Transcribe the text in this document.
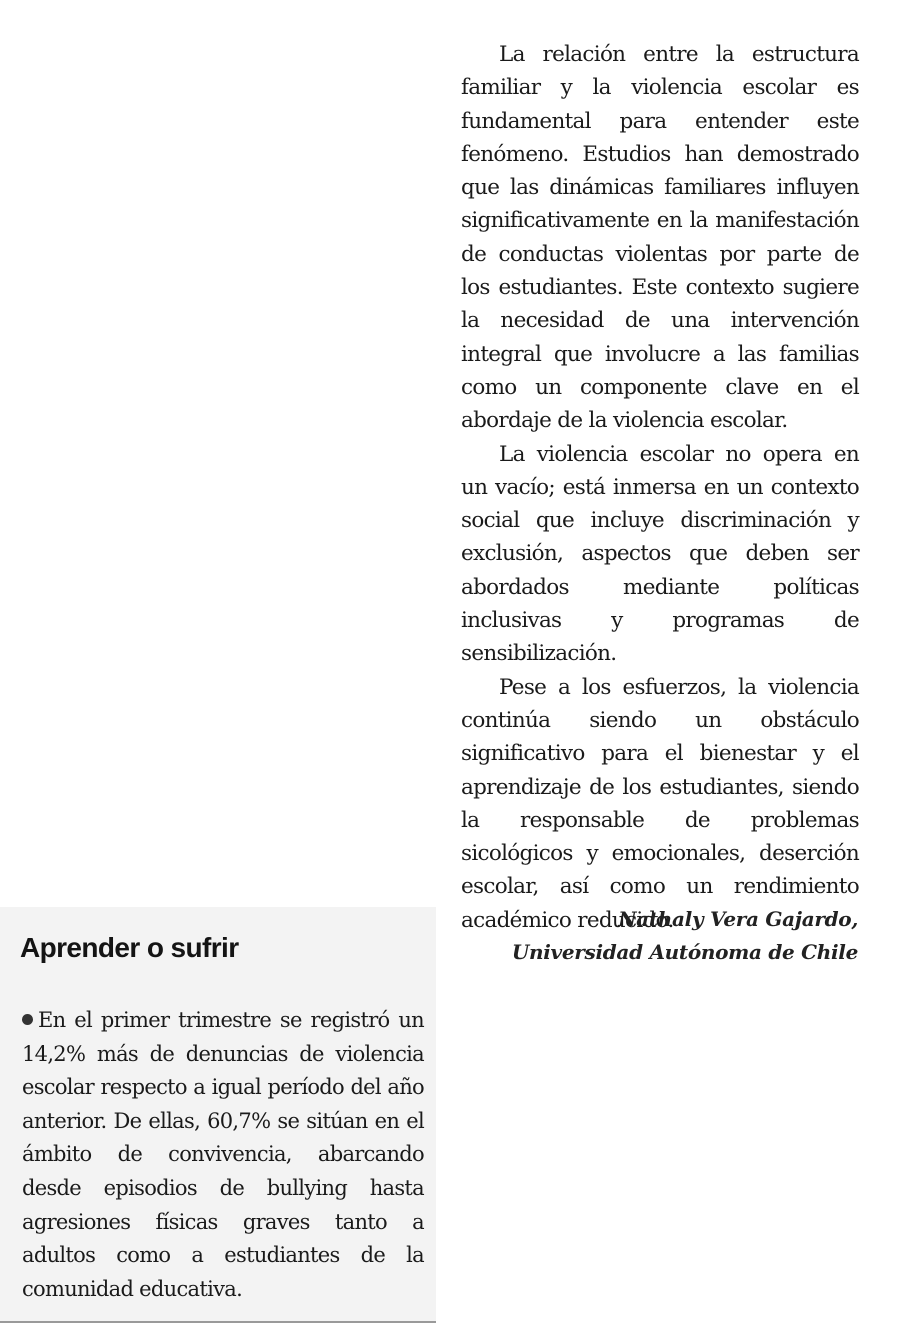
La relación entre la estructura familiar y la violencia escolar es fundamental para entender este fenómeno. Estudios han demostrado que las dinámicas familiares influyen significativamente en la manifestación de conductas violentas por parte de los estudiantes. Este contexto sugiere la necesidad de una intervención integral que involucre a las familias como un componente clave en el abordaje de la violencia escolar.

La violencia escolar no opera en un vacío; está inmersa en un contexto social que incluye discriminación y exclusión, aspectos que deben ser abordados mediante políticas inclusivas y programas de sensibilización.

Pese a los esfuerzos, la violencia continúa siendo un obstáculo significativo para el bienestar y el aprendizaje de los estudiantes, siendo la responsable de problemas sicológicos y emocionales, deserción escolar, así como un rendimiento académico reducido.

Nathaly Vera Gajardo,
Universidad Autónoma de Chile
Aprender o sufrir

En el primer trimestre se registró un 14,2% más de denuncias de violencia escolar respecto a igual período del año anterior. De ellas, 60,7% se sitúan en el ámbito de convivencia, abarcando desde episodios de bullying hasta agresiones físicas graves tanto a adultos como a estudiantes de la comunidad educativa.
